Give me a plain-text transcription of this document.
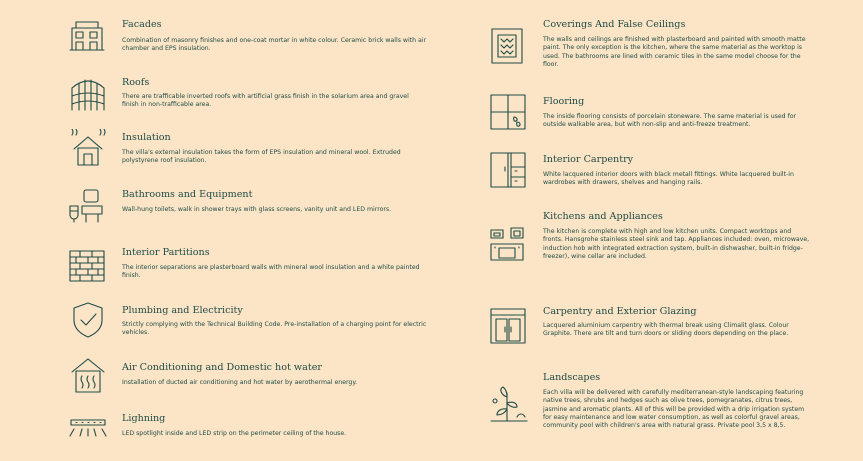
Facades
Combination of masonry finishes and one-coat mortar in white colour. Ceramic brick walls with air chamber and EPS insulation.
Roofs
There are trafficable inverted roofs with artificial grass finish in the solarium area and gravel finish in non-trafficable area.
Insulation
The villa's external insulation takes the form of EPS insulation and mineral wool. Extruded polystyrene roof insulation.
Bathrooms and Equipment
Wall-hung toilets, walk in shower trays with glass screens, vanity unit and LED mirrors.
Interior Partitions
The interior separations are plasterboard walls with mineral wool insulation and a white painted finish.
Plumbing and Electricity
Strictly complying with the Technical Building Code. Pre-installation of a charging point for electric vehicles.
Air Conditioning and Domestic hot water
Installation of ducted air conditioning and hot water by aerothermal energy.
Lighning
LED spotlight inside and LED strip on the perimeter ceiling of the house.
Coverings And False Ceilings
The walls and ceilings are finished with plasterboard and painted with smooth matte paint. The only exception is the kitchen, where the same material as the worktop is used. The bathrooms are lined with ceramic tiles in the same model choose for the floor.
Flooring
The inside flooring consists of porcelain stoneware. The same material is used for outside walkable area, but with non-slip and anti-freeze treatment.
Interior Carpentry
White lacquered interior doors with black metall fittings. White lacquered built-in wardrobes with drawers, shelves and hanging rails.
Kitchens and Appliances
The kitchen is complete with high and low kitchen units. Compact worktops and fronts. Hansgrohe stainless steel sink and tap. Appliances included: oven, microwave, induction hob with integrated extraction system, built-in dishwasher, built-in fridge-freezer), wine cellar are included.
Carpentry and Exterior Glazing
Lacquered aluminium carpentry with thermal break using Climalit glass. Colour Graphite. There are tilt and turn doors or sliding doors depending on the place.
Landscapes
Each villa will be delivered with carefully mediterranean-style landscaping featuring native trees, shrubs and hedges such as olive trees, pomegranates, citrus trees, jasmine and aromatic plants. All of this will be provided with a drip irrigation system for easy maintenance and low water consumption, as well as colorful gravel areas, community pool with children's area with natural grass. Private pool 3,5 x 8,5.
